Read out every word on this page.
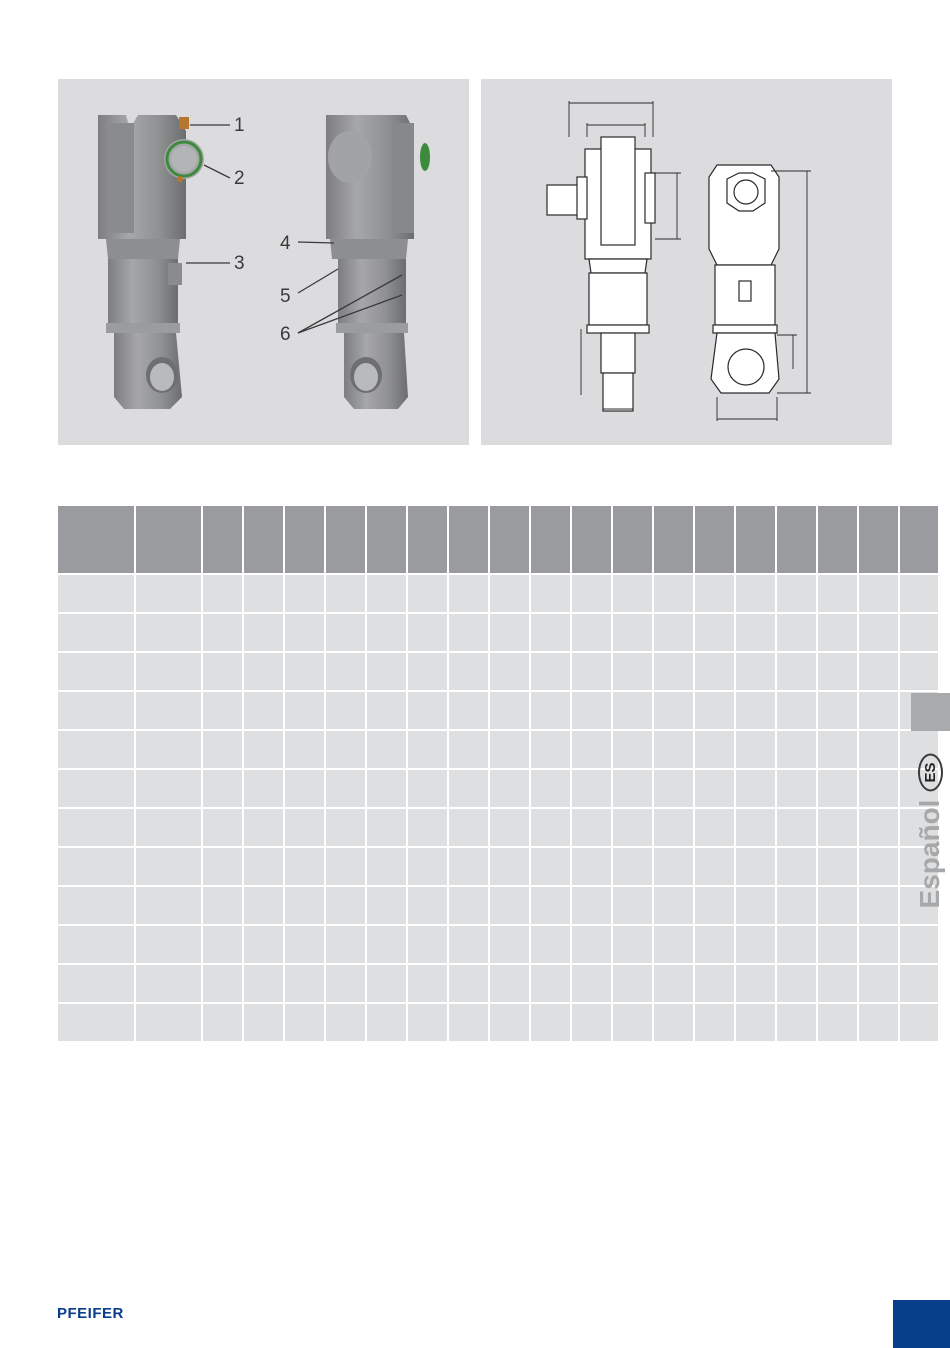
1
2
3
4
5
6

Español
ES
PFEIFER
